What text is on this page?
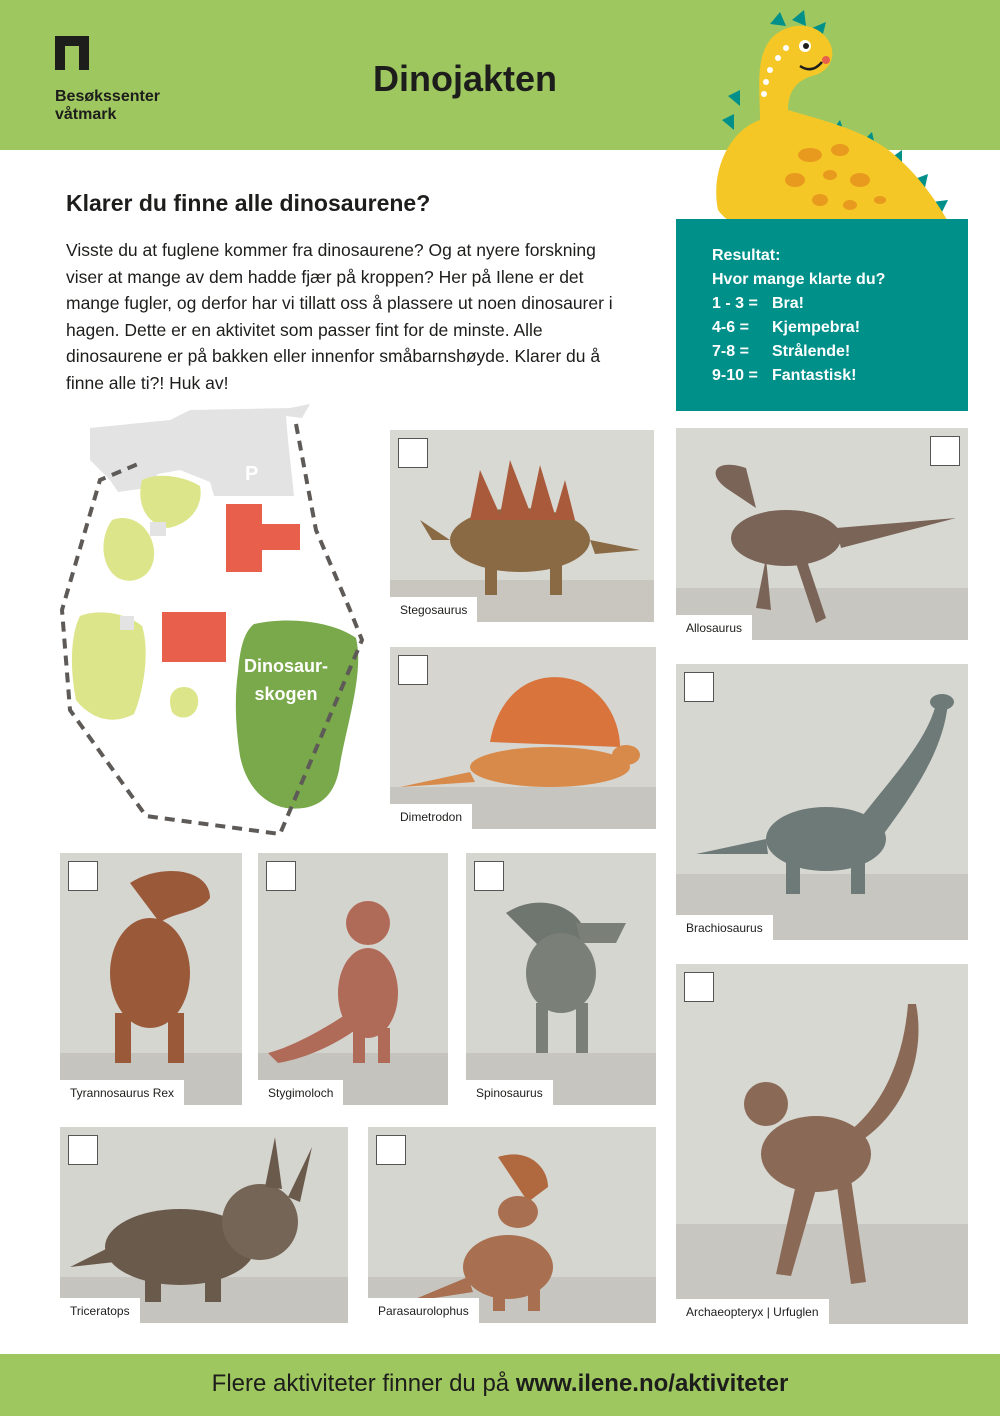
Besøkssenter
våtmark
Dinojakten
Klarer du finne alle dinosaurene?
Visste du at fuglene kommer fra dinosaurene? Og at nyere forskning viser at mange av dem hadde fjær på kroppen? Her på Ilene er det mange fugler, og derfor har vi tillatt oss å plassere ut noen dinosaurer i hagen. Dette er en aktivitet som passer fint for de minste. Alle dinosaurene er på bakken eller innenfor småbarnshøyde. Klarer du å finne alle ti?! Huk av!
Resultat:
Hvor mange klarte du?
1 - 3 = Bra!
4-6 = Kjempebra!
7-8 = Strålende!
9-10 = Fantastisk!
P
Dinosaur-
skogen
Stegosaurus
Allosaurus
Dimetrodon
Brachiosaurus
Tyrannosaurus Rex	Stygimoloch	Spinosaurus
Archaeopteryx | Urfuglen
Triceratops	Parasaurolophus
Flere aktiviteter finner du på www.ilene.no/aktiviteter
